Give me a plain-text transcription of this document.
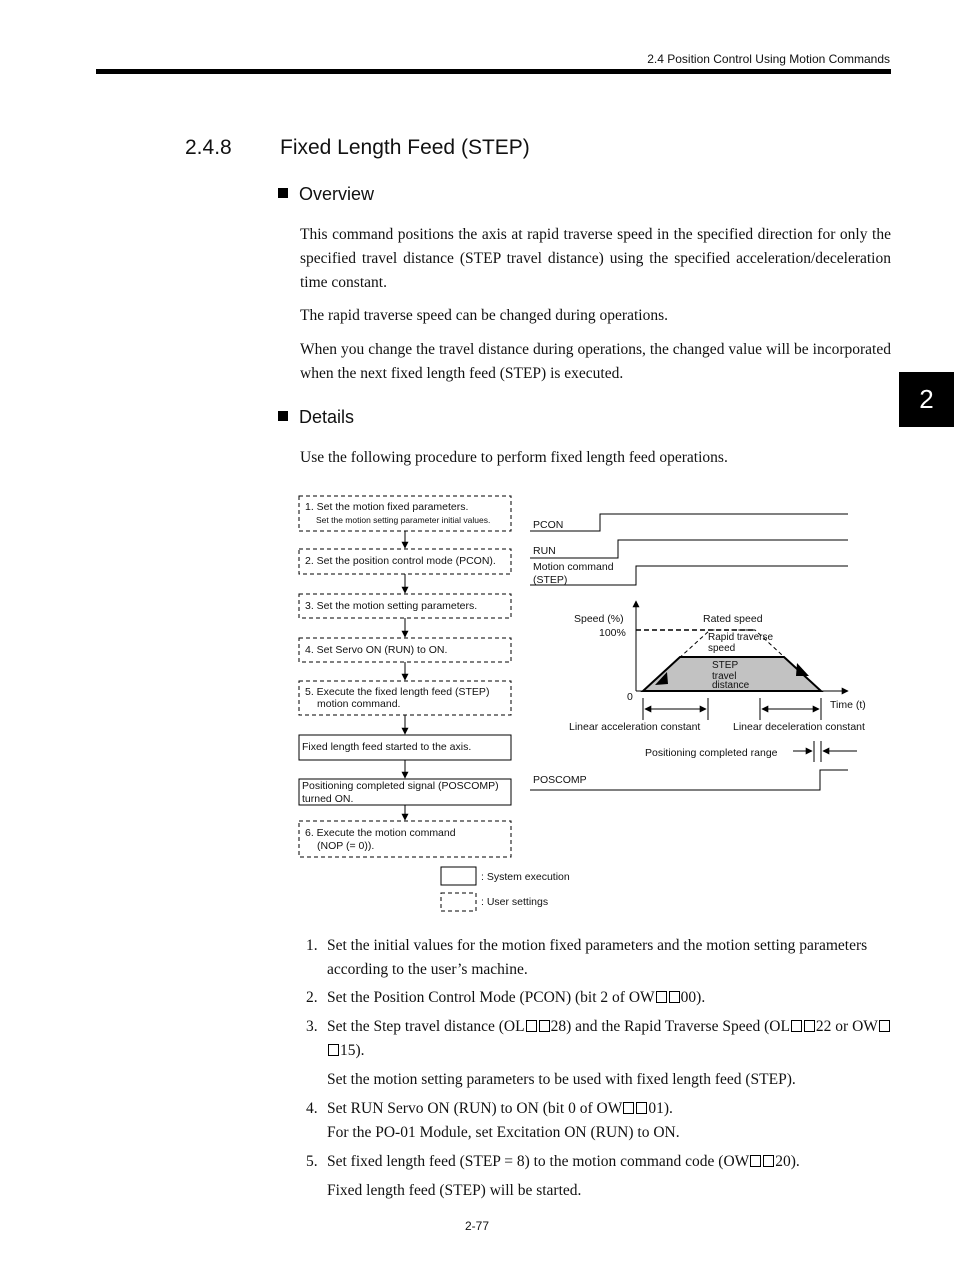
2.4 Position Control Using Motion Commands
2.4.8 Fixed Length Feed (STEP)
2
Overview
This command positions the axis at rapid traverse speed in the specified direction for only the specified travel distance (STEP travel distance) using the specified acceleration/deceleration time constant.
The rapid traverse speed can be changed during operations.
When you change the travel distance during operations, the changed value will be incorporated when the next fixed length feed (STEP) is executed.
Details
Use the following procedure to perform fixed length feed operations.
1. Set the motion fixed parameters.
Set the motion setting parameter initial values.
2. Set the position control mode (PCON).
3. Set the motion setting parameters.
4. Set Servo ON (RUN) to ON.
5. Execute the fixed length feed (STEP)
motion command.
Fixed length feed started to the axis.
Positioning completed signal (POSCOMP)
turned ON.
6. Execute the motion command
(NOP (= 0)).
: System execution
: User settings
PCON
RUN
Motion command
(STEP)
POSCOMP
Speed (%)
100%
0
Rated speed
Rapid traverse
speed
STEP
travel
distance
Time (t)
Linear acceleration constant	Linear deceleration constant
Positioning completed range
1. Set the initial values for the motion fixed parameters and the motion setting parameters according to the user’s machine.
2. Set the Position Control Mode (PCON) (bit 2 of OW 00).
3. Set the Step travel distance (OL 28) and the Rapid Traverse Speed (OL 22 or OW15).
Set the motion setting parameters to be used with fixed length feed (STEP).
4. Set RUN Servo ON (RUN) to ON (bit 0 of OW 01).
For the PO-01 Module, set Excitation ON (RUN) to ON.
5. Set fixed length feed (STEP = 8) to the motion command code (OW 20).
Fixed length feed (STEP) will be started.
2-77
